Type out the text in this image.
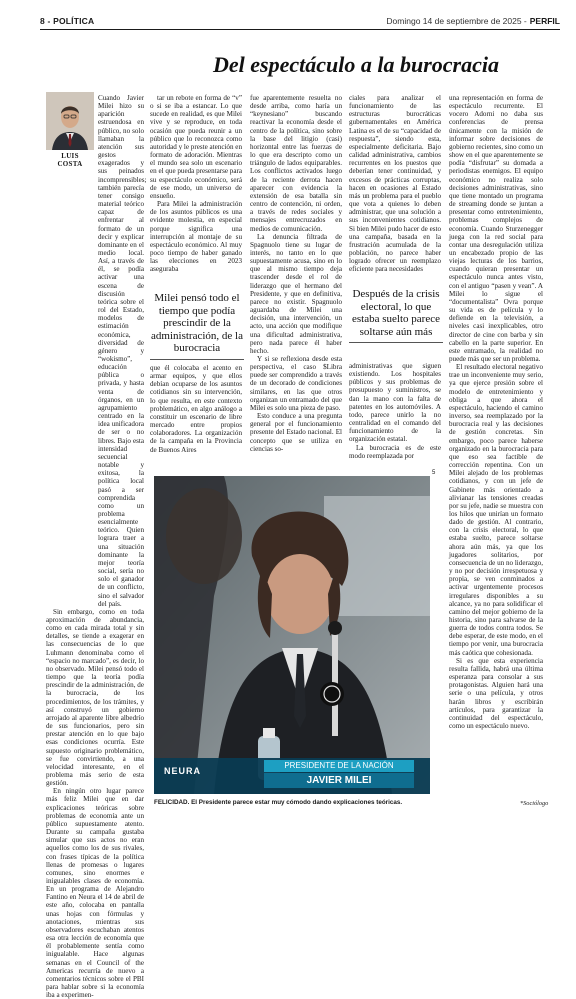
8 - POLÍTICA	Domingo 14 de septiembre de 2025 - PERFIL
Del espectáculo a la burocracia
LUIS
COSTA

Cuando Javier Milei hizo su aparición estruendosa en público, no solo llamaban la atención sus gestos exagerados y sus peinados incomprensibles; también parecía tener consigo material teórico capaz de enfrentar al formato de un decir y explicar dominante en el medio local. Así, a través de él, se podía activar una escena de discusión teórica sobre el rol del Estado, modelos de estimación económica, diversidad de género y “wokismo”, educación pública o privada, y hasta venta de órganos, en un agrupamiento centrado en la idea unificadora de ser o no libres. Bajo esta intensidad secuencial notable y exitosa, la política local pasó a ser comprendida como un problema esencialmente teórico. Quien lograra traer a una situación dominante la mejor teoría social, sería no solo el ganador de un conflicto, sino el salvador del país.

Sin embargo, como en toda aproximación de abundancia, como en cada mirada total y sin detalles, se tiende a exagerar en las consecuencias de lo que Luhmann denominaba como el “espacio no marcado”, es decir, lo no observado. Milei pensó todo el tiempo que la teoría podía prescindir de la administración, de la burocracia, de los procedimientos, de los trámites, y así construyó un gobierno arrojado al aparente libre albedrío de sus funcionarios, pero sin prestar atención en lo que bajo esas condiciones ocurría. Este supuesto originario problemático, se fue convirtiendo, a una velocidad interesante, en el problema más serio de esta gestión.

En ningún otro lugar parece más feliz Milei que en dar explicaciones teóricas sobre problemas de economía ante un público supuestamente atento. Durante su campaña gustaba simular que sus actos no eran aquellos como los de sus rivales, con frases típicas de la política llenas de promesas o lugares comunes, sino enormes e inigualables clases de economía. En un programa de Alejandro Fantino en Neura el 14 de abril de este año, colocaba en pantalla unas hojas con fórmulas y anotaciones, mientras sus observadores escuchaban atentos esa otra lección de economía que él probablemente sentía como inigualable. Hace algunas semanas en el Council of the Americas recurría de nuevo a comentarios técnicos sobre el PBI para hablar sobre si la economía iba a experimen-

tar un rebote en forma de “v” o si se iba a estancar. Lo que sucede en realidad, es que Milei vive y se reproduce, en toda ocasión que pueda reunir a un público que lo reconozca como autoridad y le preste atención en formato de adoración. Mientras el mundo sea solo un escenario en el que pueda presentarse para su espectáculo económico, será de ese modo, un universo de ensueño.

Para Milei la administración de los asuntos públicos es una evidente molestia, en especial porque significa una interrupción al montaje de su espectáculo económico. Al muy poco tiempo de haber ganado las elecciones en 2023 aseguraba

Milei pensó todo el tiempo que podía prescindir de la administración, de la burocracia

que él colocaba el acento en armar equipos, y que ellos debían ocuparse de los asuntos cotidianos sin su intervención, lo que resulta, en este contexto problemático, en algo análogo a constituir un escenario de libre mercado entre propios colaboradores. La organización de la campaña en la Provincia de Buenos Aires

fue aparentemente resuelta no desde arriba, como haría un “keynesiano” buscando reactivar la economía desde el centro de la política, sino sobre la base del litigio (casi) horizontal entre las fuerzas de lo que era descripto como un triángulo de lados equiparables. Los conflictos activados luego de la reciente derrota hacen aparecer con evidencia la extensión de esa batalla sin centro de contención, ni orden, a través de redes sociales y mensajes entrecruzados en medios de comunicación.

La denuncia filtrada de Spagnuolo tiene su lugar de interés, no tanto en lo que supuestamente acusa, sino en lo que al mismo tiempo deja trascender desde el rol de liderazgo que el hermano del Presidente, y que en definitiva, parece no existir. Spagnuolo aguardaba de Milei una decisión, una intervención, un acto, una acción que modifique una dificultad administrativa, pero nada parece él haber hecho.

Y si se reflexiona desde esta perspectiva, el caso $Libra puede ser comprendido a través de un decorado de condiciones similares, en las que otros organizan un entramado del que Milei es solo una pieza de paso.

Esto conduce a una pregunta general por el funcionamiento presente del Estado nacional. El concepto que se utiliza en ciencias so-

ciales para analizar el funcionamiento de las estructuras burocráticas gubernamentales en América Latina es el de su “capacidad de respuesta”, siendo esta, especialmente deficitaria. Bajo calidad administrativa, cambios recurrentes en los puestos que deberían tener continuidad, y excesos de prácticas corruptas, hacen en ocasiones al Estado más un problema para el pueblo que vota a quienes lo deben administrar, que una solución a sus inconvenientes cotidianos. Si bien Milei pudo hacer de esto una campaña, basada en la frustración acumulada de la población, no parece haber logrado ofrecer un reemplazo eficiente para necesidades

Después de la crisis electoral, lo que estaba suelto parece soltarse aún más

administrativas que siguen existiendo. Los hospitales públicos y sus problemas de presupuesto y suministros, se dan la mano con la falta de patentes en los automóviles. A todo, parece unirlo la no centralidad en el comando del funcionamiento de la organización estatal.

La burocracia es de este modo reemplazada por

una representación en forma de espectáculo recurrente. El vocero Adorni no daba sus conferencias de prensa únicamente con la misión de informar sobre decisiones de gobierno recientes, sino como un show en el que aparentemente se podía “disfrutar” su domada a periodistas enemigos. El equipo económico no realiza solo decisiones administrativas, sino que tiene montado un programa de streaming donde se juntan a presentar como entretenimiento, problemas complejos de economía. Cuando Sturzenegger juega con la red social para contar una desregulación utiliza un encabezado propio de las viejas lecturas de los barrios, cuando quieran presentar un espectáculo nunca antes visto, con el antiguo “pasen y vean”. A Milei lo sigue el “documentalista” Ovra porque su vida es de película y lo defiende en la televisión, a niveles casi inexplicables, otro director de cine con barba y sin cabello en la parte superior. En este entramado, la realidad no puede más que ser un problema.

El resultado electoral negativo trae un inconveniente muy serio, ya que ejerce presión sobre el modelo de entretenimiento y obliga a que ahora el espectáculo, haciendo el camino inverso, sea reemplazado por la burocracia real y las decisiones de gestión concretas. Sin embargo, poco parece haberse organizado en la burocracia para que eso sea factible de corrección repentina. Con un Milei alejado de los problemas cotidianos, y con un jefe de Gabinete más orientado a alivianar las tensiones creadas por su jefe, nadie se muestra con los hilos que unirían un formato dado de gestión. Al contrario, con la crisis electoral, lo que estaba suelto, parece soltarse ahora aún más, ya que los jugadores solitarios, por consecuencia de un no liderazgo, y no por decisión irrespetuosa y propia, se ven conminados a activar urgentemente procesos irregulares disponibles a su alcance, ya no para solidificar el camino del mejor gobierno de la historia, sino para salvarse de la guerra de todos contra todos. Se debe esperar, de este modo, en el tiempo por venir, una burocracia más caótica que cohesionada.

Si es que esta experiencia resulta fallida, habrá una última esperanza para consolar a sus protagonistas. Alguien hará una serie o una película, y otros harán libros y escribirán artículos, para garantizar la continuidad del espectáculo, como un espectáculo nuevo.

5
NEURA
PRESIDENTE DE LA NACIÓN
JAVIER MILEI
FELICIDAD. El Presidente parece estar muy cómodo dando explicaciones teóricas.	*Sociólogo
